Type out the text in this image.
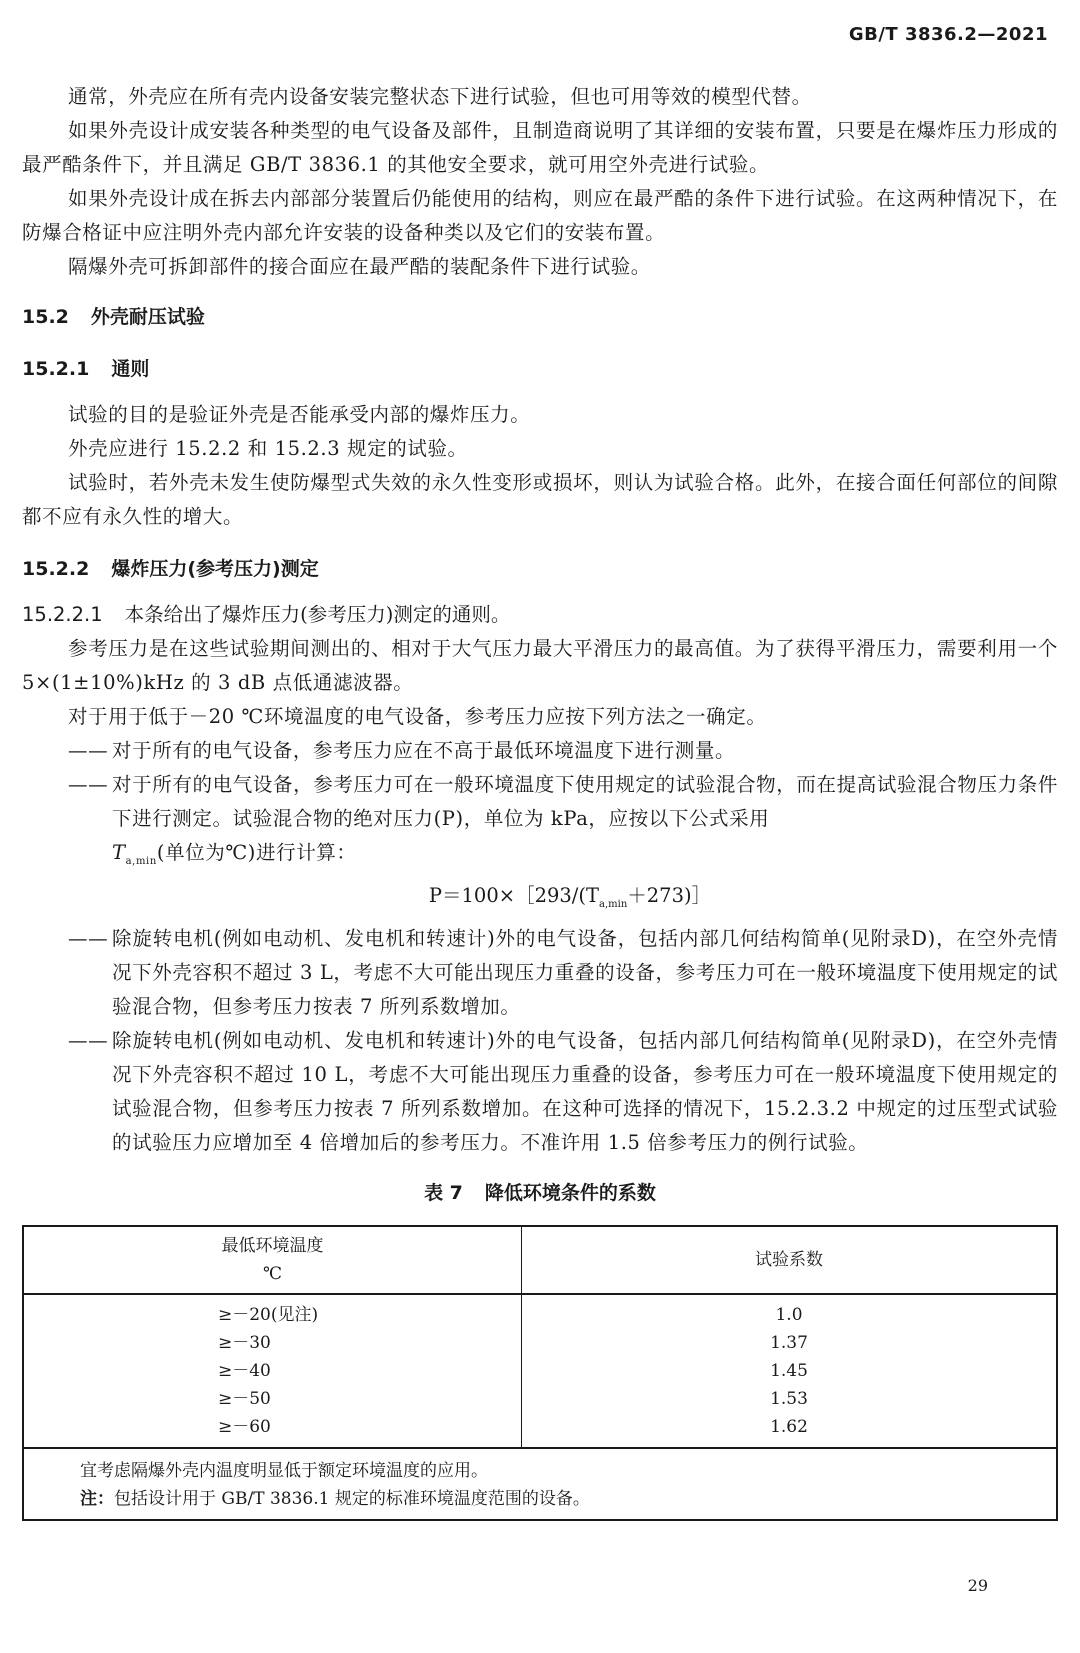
GB/T 3836.2—2021

通常，外壳应在所有壳内设备安装完整状态下进行试验，但也可用等效的模型代替。

如果外壳设计成安装各种类型的电气设备及部件，且制造商说明了其详细的安装布置，只要是在爆炸压力形成的最严酷条件下，并且满足 GB/T 3836.1 的其他安全要求，就可用空外壳进行试验。

如果外壳设计成在拆去内部部分装置后仍能使用的结构，则应在最严酷的条件下进行试验。在这两种情况下，在防爆合格证中应注明外壳内部允许安装的设备种类以及它们的安装布置。

隔爆外壳可拆卸部件的接合面应在最严酷的装配条件下进行试验。

15.2 外壳耐压试验
15.2.1 通则

试验的目的是验证外壳是否能承受内部的爆炸压力。

外壳应进行 15.2.2 和 15.2.3 规定的试验。

试验时，若外壳未发生使防爆型式失效的永久性变形或损坏，则认为试验合格。此外，在接合面任何部位的间隙都不应有永久性的增大。

15.2.2 爆炸压力(参考压力)测定
15.2.2.1 本条给出了爆炸压力(参考压力)测定的通则。

参考压力是在这些试验期间测出的、相对于大气压力最大平滑压力的最高值。为了获得平滑压力，需要利用一个 5×(1±10%)kHz 的 3 dB 点低通滤波器。

对于用于低于－20 ℃环境温度的电气设备，参考压力应按下列方法之一确定。

—— 对于所有的电气设备，参考压力应在不高于最低环境温度下进行测量。
—— 对于所有的电气设备，参考压力可在一般环境温度下使用规定的试验混合物，而在提高试验混合物压力条件下进行测定。试验混合物的绝对压力(P)，单位为 kPa，应按以下公式采用
$T_{a,min}$(单位为℃)进行计算：
$P=100\times[293/(T_{a,min}+273)]$
—— 除旋转电机(例如电动机、发电机和转速计)外的电气设备，包括内部几何结构简单(见附录D)，在空外壳情况下外壳容积不超过 3 L，考虑不大可能出现压力重叠的设备，参考压力可在一般环境温度下使用规定的试验混合物，但参考压力按表 7 所列系数增加。
—— 除旋转电机(例如电动机、发电机和转速计)外的电气设备，包括内部几何结构简单(见附录D)，在空外壳情况下外壳容积不超过 10 L，考虑不大可能出现压力重叠的设备，参考压力可在一般环境温度下使用规定的试验混合物，但参考压力按表 7 所列系数增加。在这种可选择的情况下，15.2.3.2 中规定的过压型式试验的试验压力应增加至 4 倍增加后的参考压力。不准许用 1.5 倍参考压力的例行试验。
表 7 降低环境条件的系数
最低环境温度
℃	试验系数
≥－20(见注)	1.0
≥－30	1.37
≥－40	1.45
≥－50	1.53
≥－60	1.62
宜考虑隔爆外壳内温度明显低于额定环境温度的应用。
注：包括设计用于 GB/T 3836.1 规定的标准环境温度范围的设备。	
29
